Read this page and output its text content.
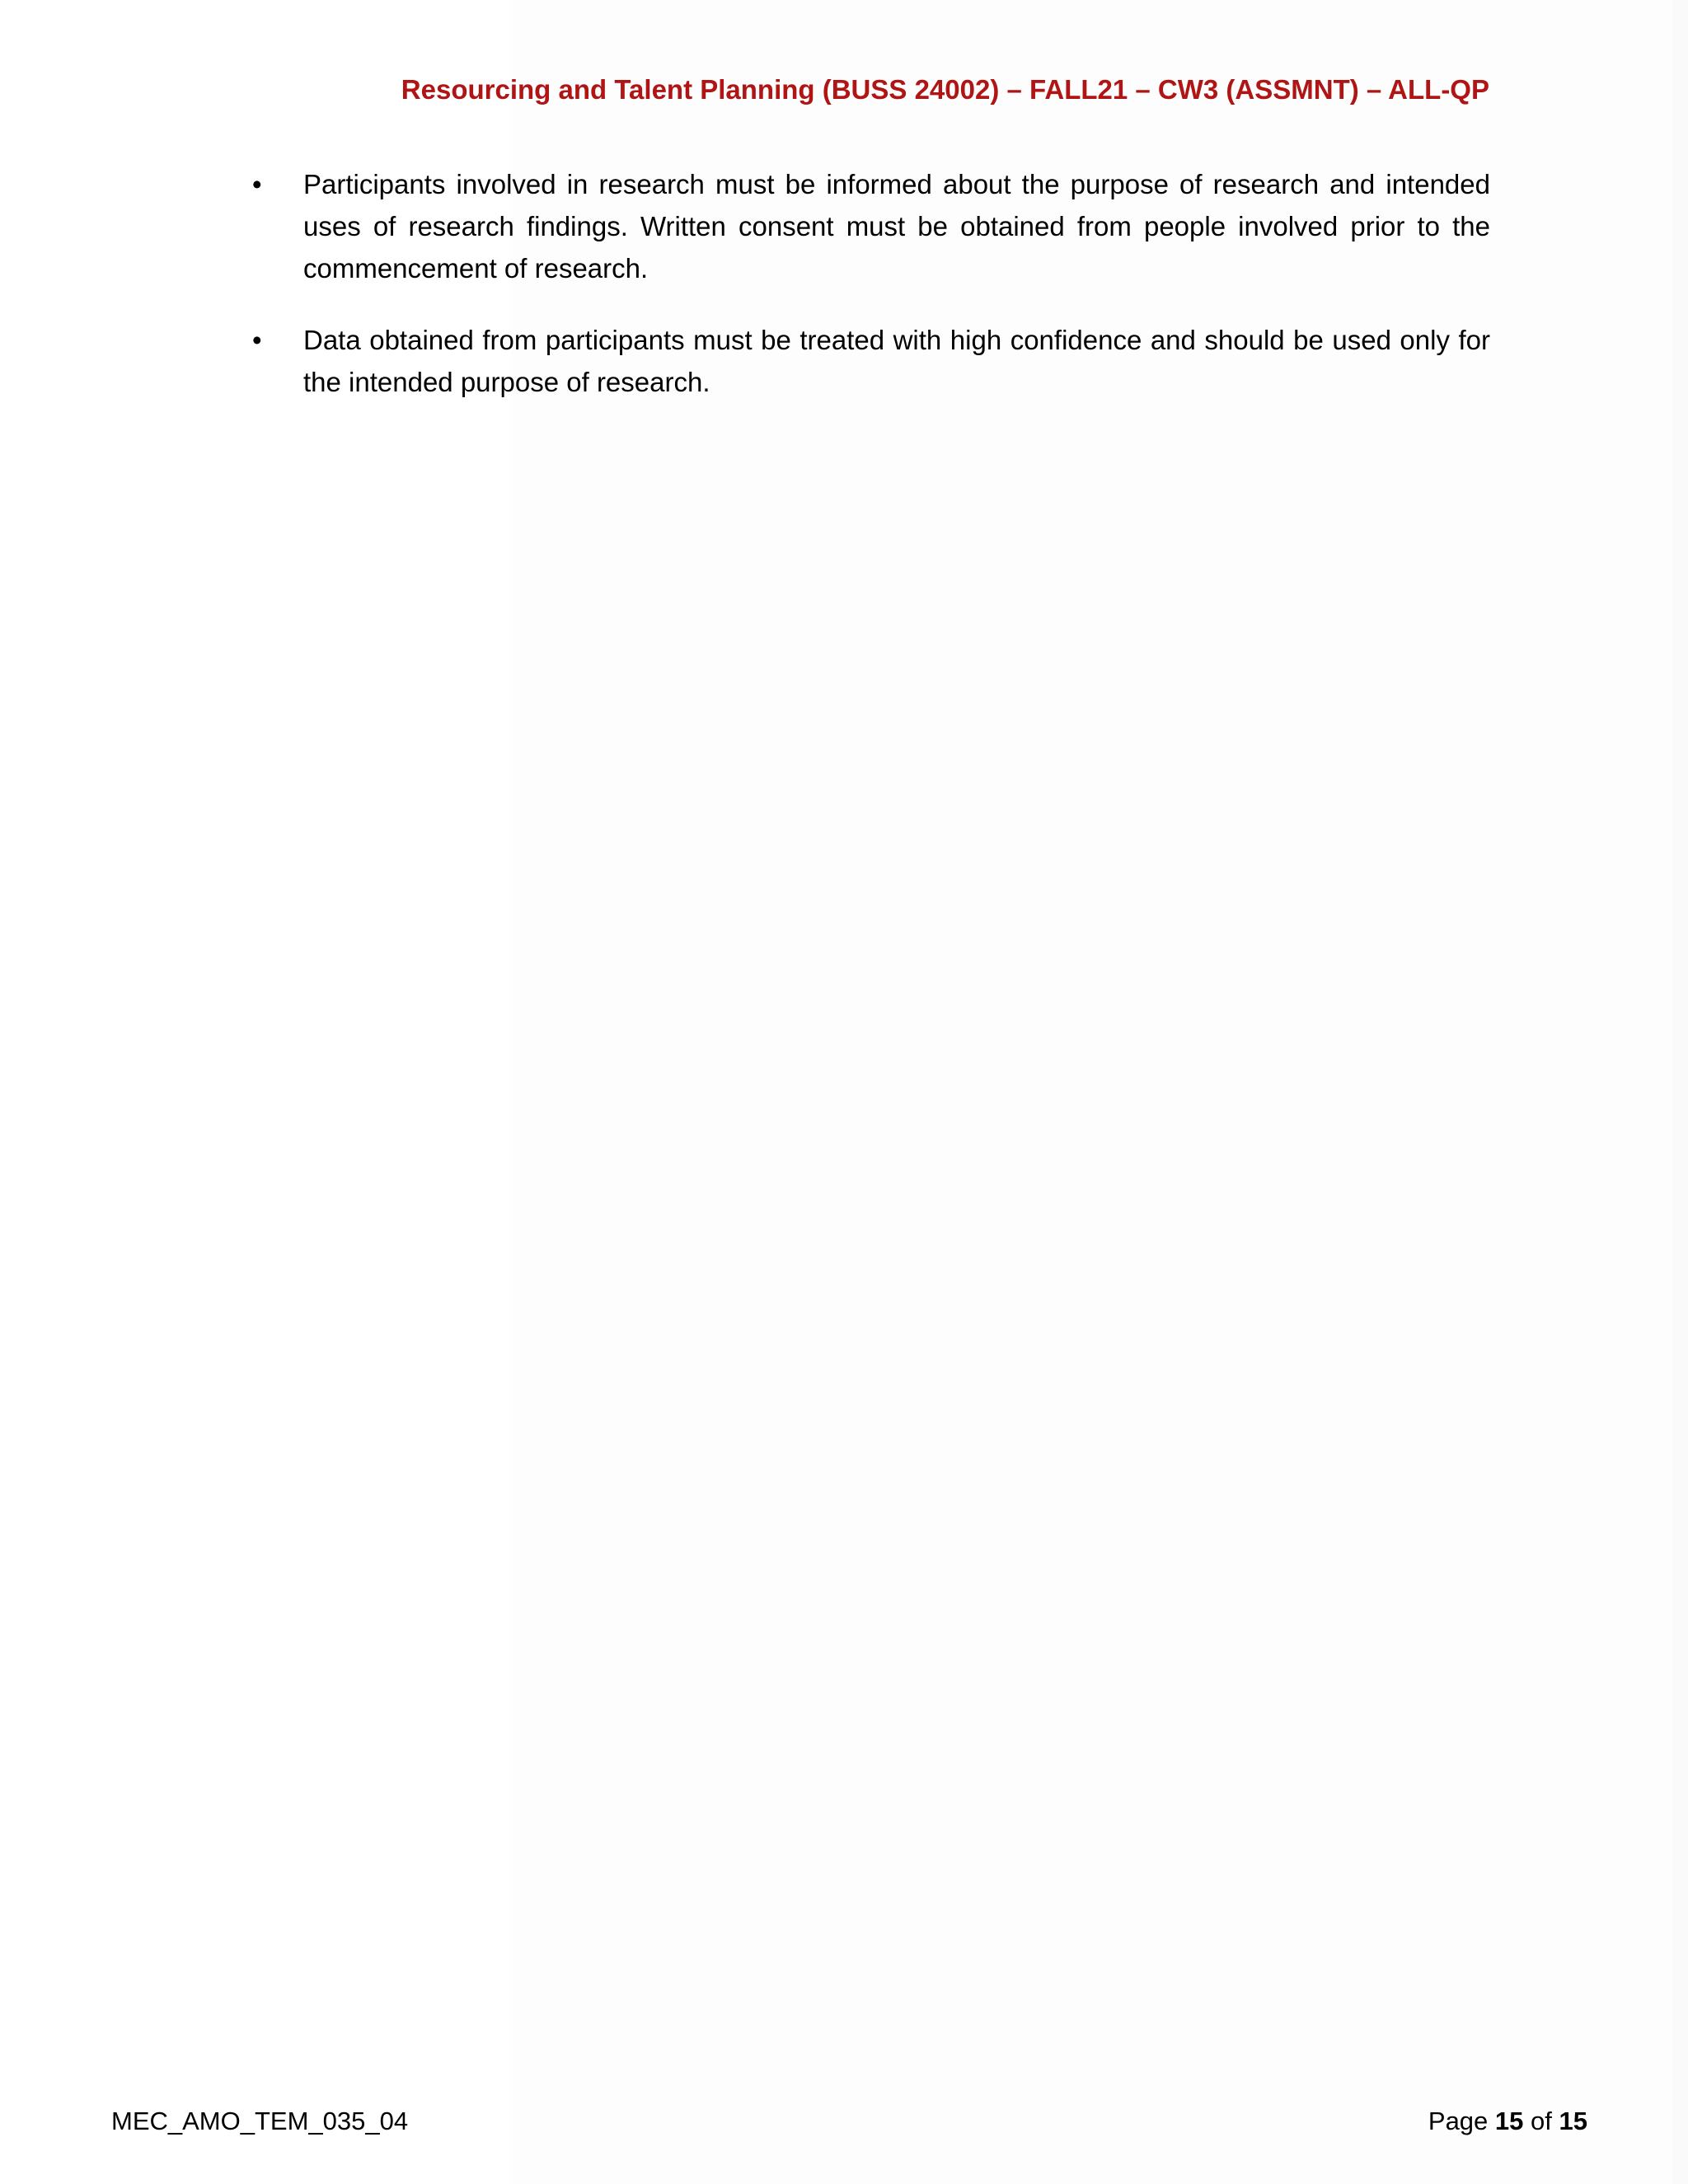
Resourcing and Talent Planning (BUSS 24002) – FALL21 – CW3 (ASSMNT) – ALL-QP

• Participants involved in research must be informed about the purpose of research and intended uses of research findings. Written consent must be obtained from people involved prior to the commencement of research.
• Data obtained from participants must be treated with high confidence and should be used only for the intended purpose of research.
MEC_AMO_TEM_035_04	Page 15 of 15
